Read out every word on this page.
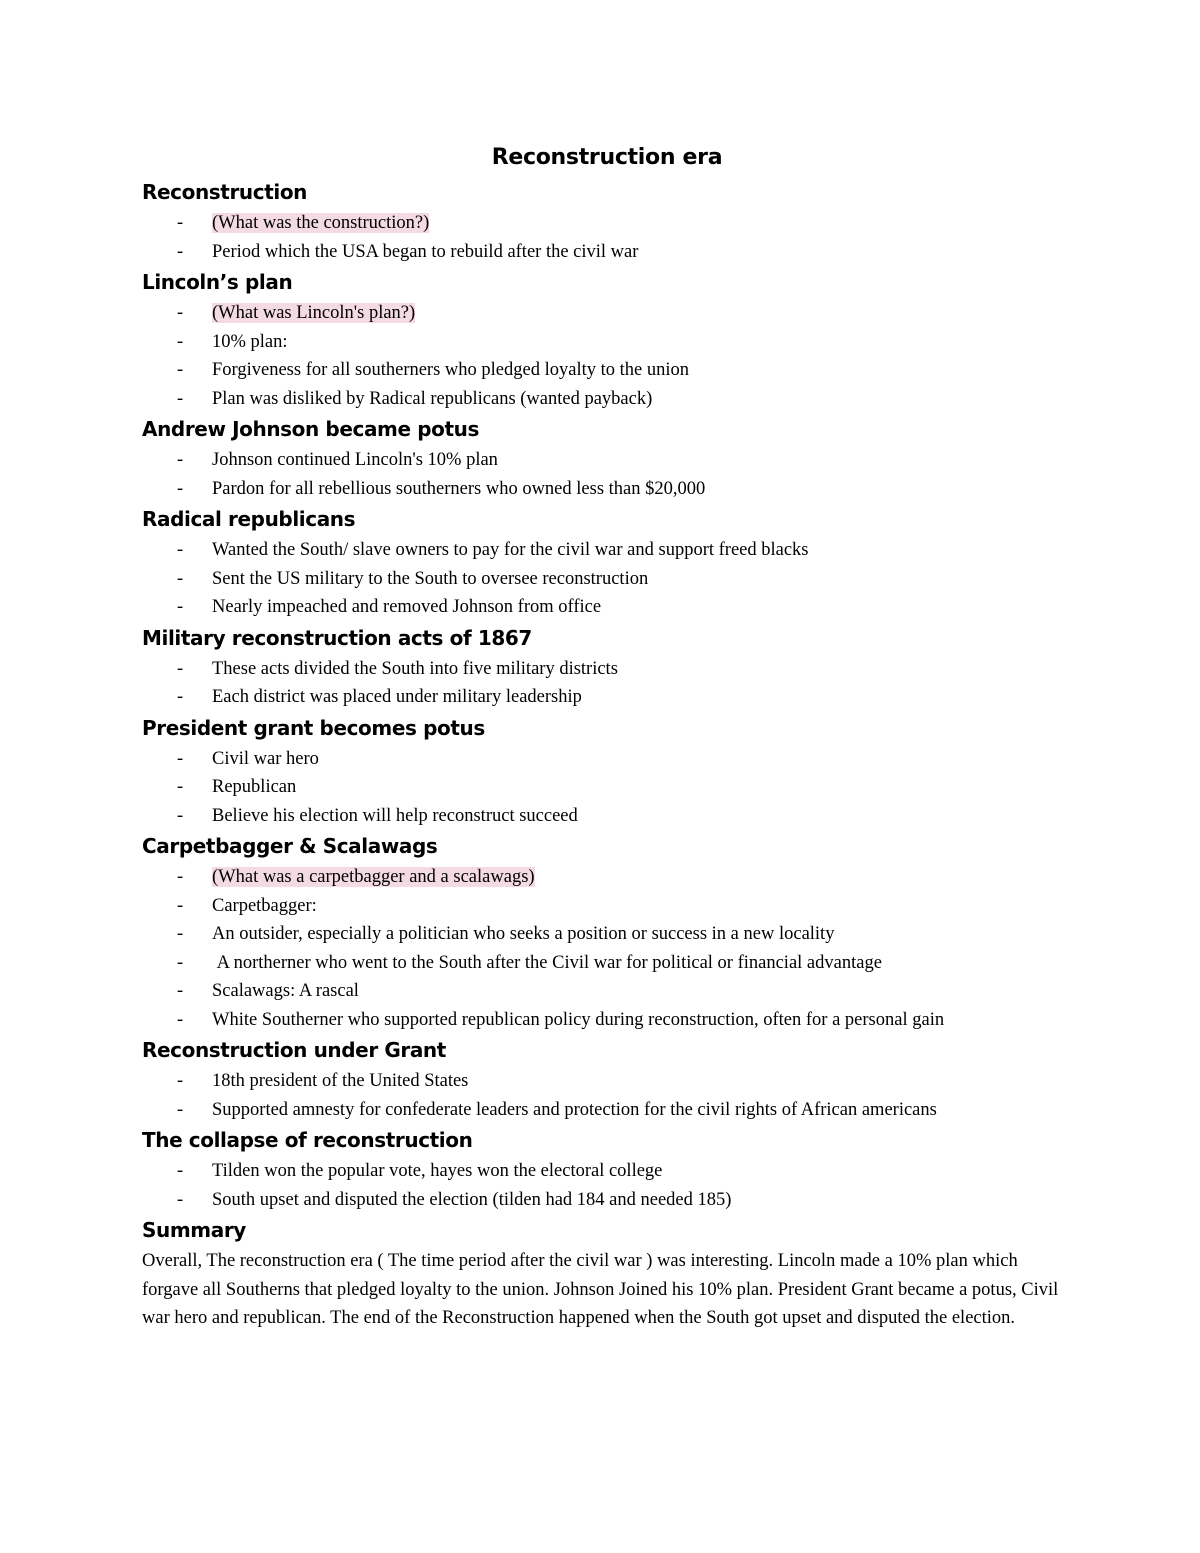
Reconstruction era
Reconstruction
- (What was the construction?)
- Period which the USA began to rebuild after the civil war
Lincoln’s plan
- (What was Lincoln's plan?)
- 10% plan:
- Forgiveness for all southerners who pledged loyalty to the union
- Plan was disliked by Radical republicans (wanted payback)
Andrew Johnson became potus
- Johnson continued Lincoln's 10% plan
- Pardon for all rebellious southerners who owned less than $20,000
Radical republicans
- Wanted the South/ slave owners to pay for the civil war and support freed blacks
- Sent the US military to the South to oversee reconstruction
- Nearly impeached and removed Johnson from office
Military reconstruction acts of 1867
- These acts divided the South into five military districts
- Each district was placed under military leadership
President grant becomes potus
- Civil war hero
- Republican
- Believe his election will help reconstruct succeed
Carpetbagger & Scalawags
- (What was a carpetbagger and a scalawags)
- Carpetbagger:
- An outsider, especially a politician who seeks a position or success in a new locality
- A northerner who went to the South after the Civil war for political or financial advantage
- Scalawags: A rascal
- White Southerner who supported republican policy during reconstruction, often for a personal gain
Reconstruction under Grant
- 18th president of the United States
- Supported amnesty for confederate leaders and protection for the civil rights of African americans
The collapse of reconstruction
- Tilden won the popular vote, hayes won the electoral college
- South upset and disputed the election (tilden had 184 and needed 185)
Summary

Overall, The reconstruction era ( The time period after the civil war ) was interesting. Lincoln made a 10% plan which forgave all Southerns that pledged loyalty to the union. Johnson Joined his 10% plan. President Grant became a potus, Civil war hero and republican. The end of the Reconstruction happened when the South got upset and disputed the election.
